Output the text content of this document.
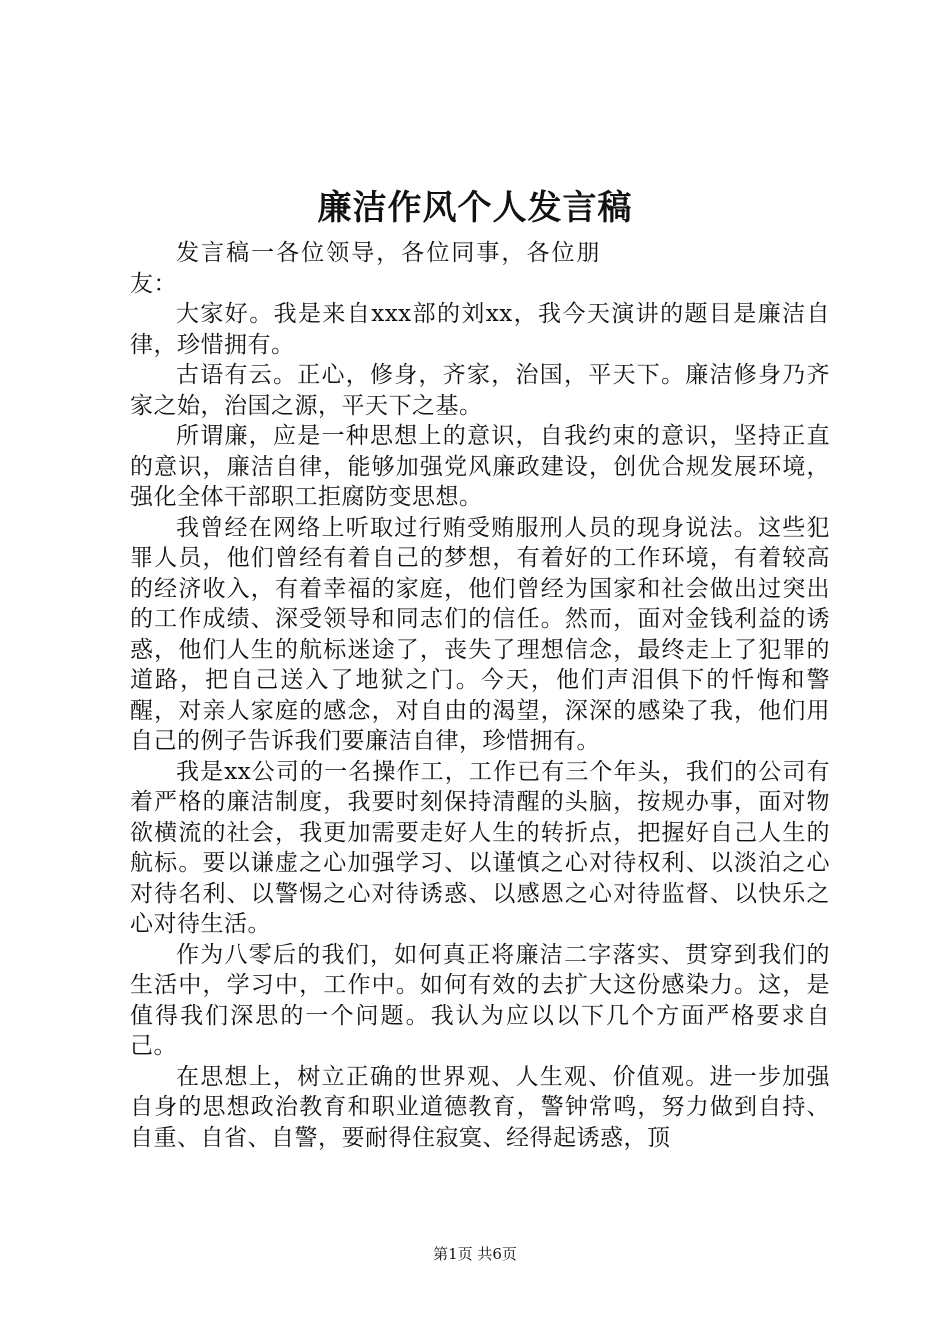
廉洁作风个人发言稿

发言稿一各位领导，各位同事，各位朋友：

大家好。我是来自xxx部的刘xx，我今天演讲的题目是廉洁自律，珍惜拥有。

古语有云。正心，修身，齐家，治国，平天下。廉洁修身乃齐家之始，治国之源，平天下之基。

所谓廉，应是一种思想上的意识，自我约束的意识，坚持正直的意识，廉洁自律，能够加强党风廉政建设，创优合规发展环境，强化全体干部职工拒腐防变思想。

我曾经在网络上听取过行贿受贿服刑人员的现身说法。这些犯罪人员，他们曾经有着自己的梦想，有着好的工作环境，有着较高的经济收入，有着幸福的家庭，他们曾经为国家和社会做出过突出的工作成绩、深受领导和同志们的信任。然而，面对金钱利益的诱惑，他们人生的航标迷途了，丧失了理想信念，最终走上了犯罪的道路，把自己送入了地狱之门。今天，他们声泪俱下的忏悔和警醒，对亲人家庭的感念，对自由的渴望，深深的感染了我，他们用自己的例子告诉我们要廉洁自律，珍惜拥有。

我是xx公司的一名操作工，工作已有三个年头，我们的公司有着严格的廉洁制度，我要时刻保持清醒的头脑，按规办事，面对物欲横流的社会，我更加需要走好人生的转折点，把握好自己人生的航标。要以谦虚之心加强学习、以谨慎之心对待权利、以淡泊之心对待名利、以警惕之心对待诱惑、以感恩之心对待监督、以快乐之心对待生活。

作为八零后的我们，如何真正将廉洁二字落实、贯穿到我们的生活中，学习中，工作中。如何有效的去扩大这份感染力。这，是值得我们深思的一个问题。我认为应以以下几个方面严格要求自己。

在思想上，树立正确的世界观、人生观、价值观。进一步加强自身的思想政治教育和职业道德教育，警钟常鸣，努力做到自持、自重、自省、自警，要耐得住寂寞、经得起诱惑，顶

第1页 共6页
